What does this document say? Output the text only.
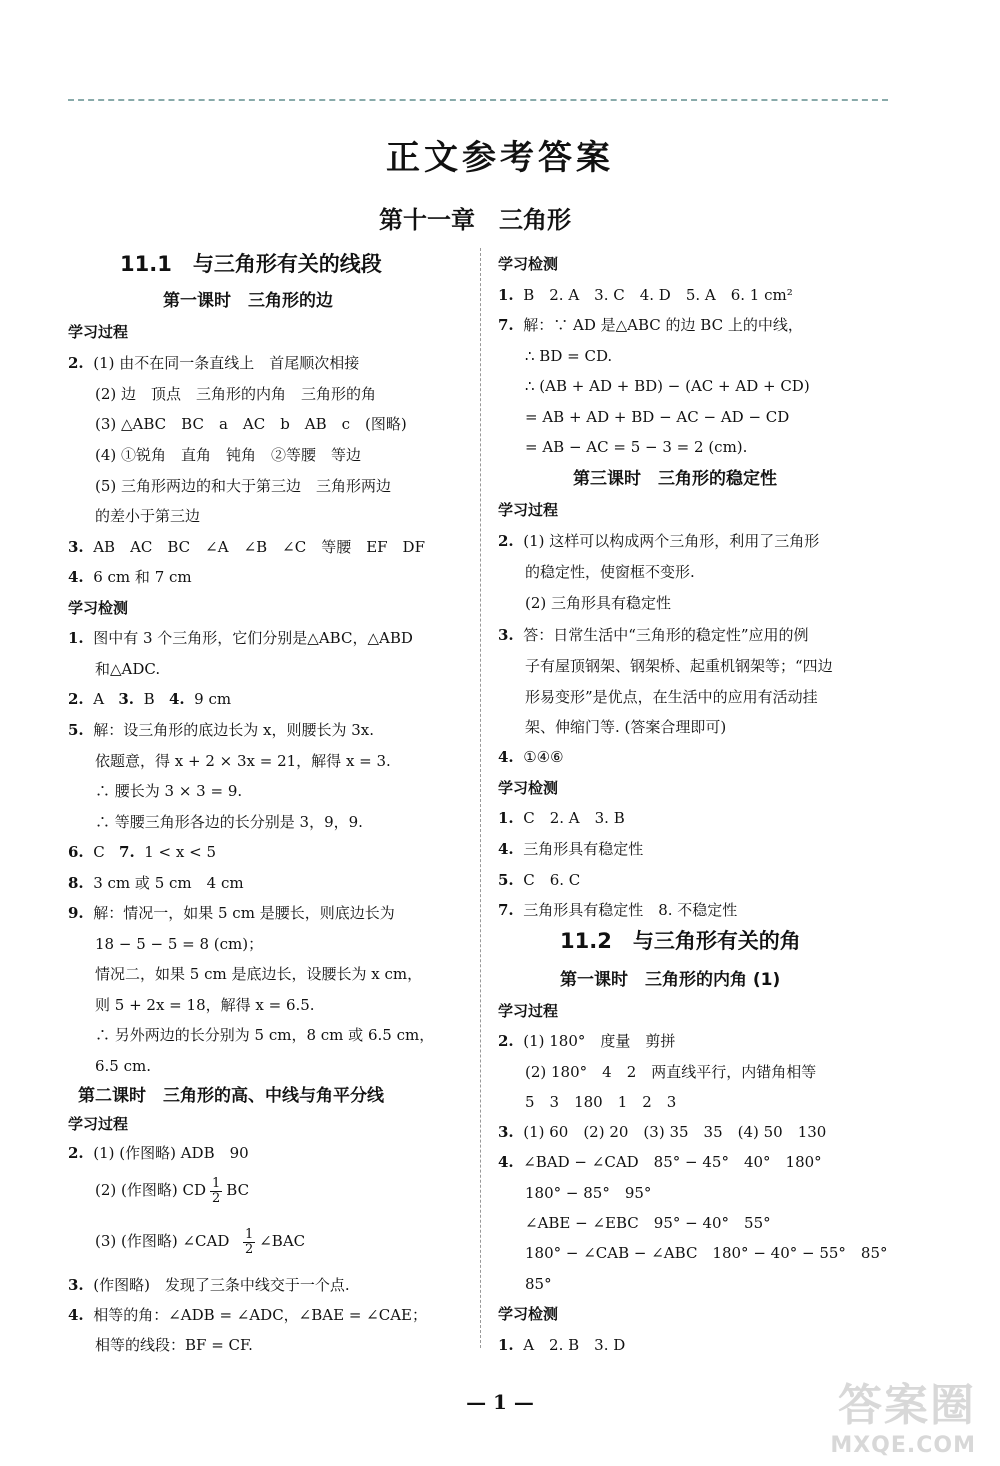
正文参考答案
第十一章　三角形
11.1　与三角形有关的线段
第一课时　三角形的边
学习过程
2. (1) 由不在同一条直线上　首尾顺次相接
(2) 边　顶点　三角形的内角　三角形的角
(3) △ABC　BC　a　AC　b　AB　c　(图略)
(4) ①锐角　直角　钝角　②等腰　等边
(5) 三角形两边的和大于第三边　三角形两边
的差小于第三边
3. AB　AC　BC　∠A　∠B　∠C　等腰　EF　DF
4. 6 cm 和 7 cm
学习检测
1. 图中有 3 个三角形，它们分别是△ABC，△ABD
和△ADC.
2. A 3. B 4. 9 cm
5. 解：设三角形的底边长为 x，则腰长为 3x.
依题意，得 x + 2 × 3x = 21，解得 x = 3.
∴ 腰长为 3 × 3 = 9.
∴ 等腰三角形各边的长分别是 3，9，9.
6. C 7. 1 < x < 5
8. 3 cm 或 5 cm　4 cm
9. 解：情况一，如果 5 cm 是腰长，则底边长为
18 − 5 − 5 = 8 (cm)；
情况二，如果 5 cm 是底边长，设腰长为 x cm，
则 5 + 2x = 18，解得 x = 6.5.
∴ 另外两边的长分别为 5 cm，8 cm 或 6.5 cm，
6.5 cm.
第二课时　三角形的高、中线与角平分线
学习过程
2. (1) (作图略) ADB　90
(2) (作图略) CD $\frac{1}{2}$ BC
(3) (作图略) ∠CAD $\frac{1}{2}$ ∠BAC
3. (作图略)　发现了三条中线交于一个点.
4. 相等的角：∠ADB = ∠ADC，∠BAE = ∠CAE；
相等的线段：BF = CF.
学习检测
1. B　2. A　3. C　4. D　5. A　6. 1 cm²
7. 解：∵ AD 是△ABC 的边 BC 上的中线，
∴ BD = CD.
∴ (AB + AD + BD) − (AC + AD + CD)
= AB + AD + BD − AC − AD − CD
= AB − AC = 5 − 3 = 2 (cm).
第三课时　三角形的稳定性
学习过程
2. (1) 这样可以构成两个三角形，利用了三角形
的稳定性，使窗框不变形.
(2) 三角形具有稳定性
3. 答：日常生活中“三角形的稳定性”应用的例
子有屋顶钢架、钢架桥、起重机钢架等；“四边
形易变形”是优点，在生活中的应用有活动挂
架、伸缩门等. (答案合理即可)
4. ①④⑥
学习检测
1. C　2. A　3. B
4. 三角形具有稳定性
5. C　6. C
7. 三角形具有稳定性　8. 不稳定性
11.2　与三角形有关的角
第一课时　三角形的内角 (1)
学习过程
2. (1) 180°　度量　剪拼
(2) 180°　4　2　两直线平行，内错角相等
5　3　180　1　2　3
3. (1) 60　(2) 20　(3) 35　35　(4) 50　130
4. ∠BAD − ∠CAD　85° − 45°　40°　180°
180° − 85°　95°
∠ABE − ∠EBC　95° − 40°　55°
180° − ∠CAB − ∠ABC　180° − 40° − 55°　85°
85°
学习检测
1. A　2. B　3. D
— 1 —	答案圈
MXQE.COM
